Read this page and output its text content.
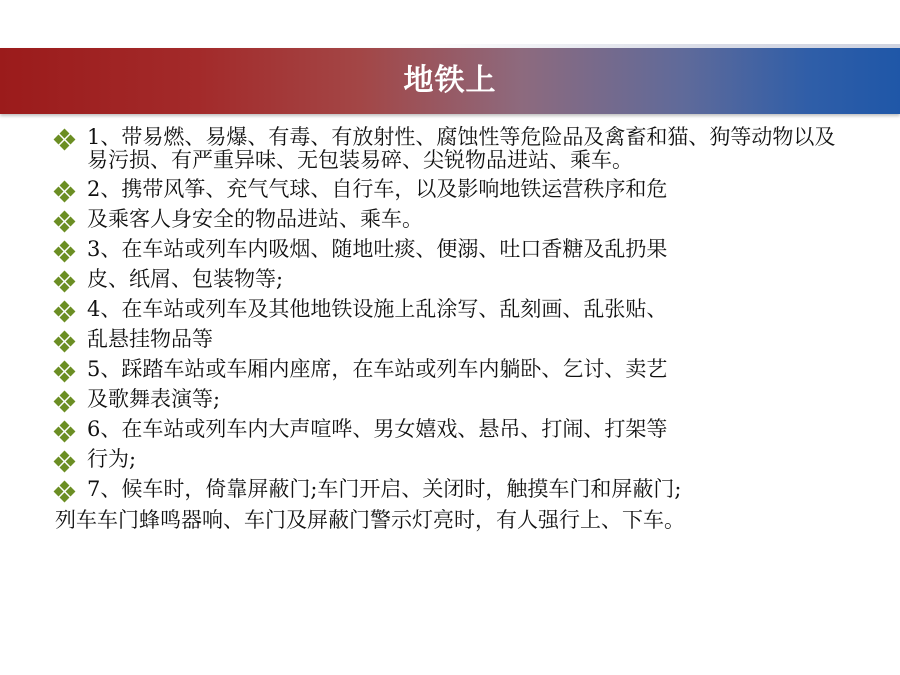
地铁上
1、带易燃、易爆、有毒、有放射性、腐蚀性等危险品及禽畜和猫、狗等动物以及易污损、有严重异味、无包装易碎、尖锐物品进站、乘车。
2、携带风筝、充气气球、自行车，以及影响地铁运营秩序和危
及乘客人身安全的物品进站、乘车。
3、在车站或列车内吸烟、随地吐痰、便溺、吐口香糖及乱扔果
皮、纸屑、包装物等;
4、在车站或列车及其他地铁设施上乱涂写、乱刻画、乱张贴、
乱悬挂物品等
5、踩踏车站或车厢内座席，在车站或列车内躺卧、乞讨、卖艺
及歌舞表演等;
6、在车站或列车内大声喧哗、男女嬉戏、悬吊、打闹、打架等
行为;
7、候车时，倚靠屏蔽门;车门开启、关闭时，触摸车门和屏蔽门;
列车车门蜂鸣器响、车门及屏蔽门警示灯亮时，有人强行上、下车。
